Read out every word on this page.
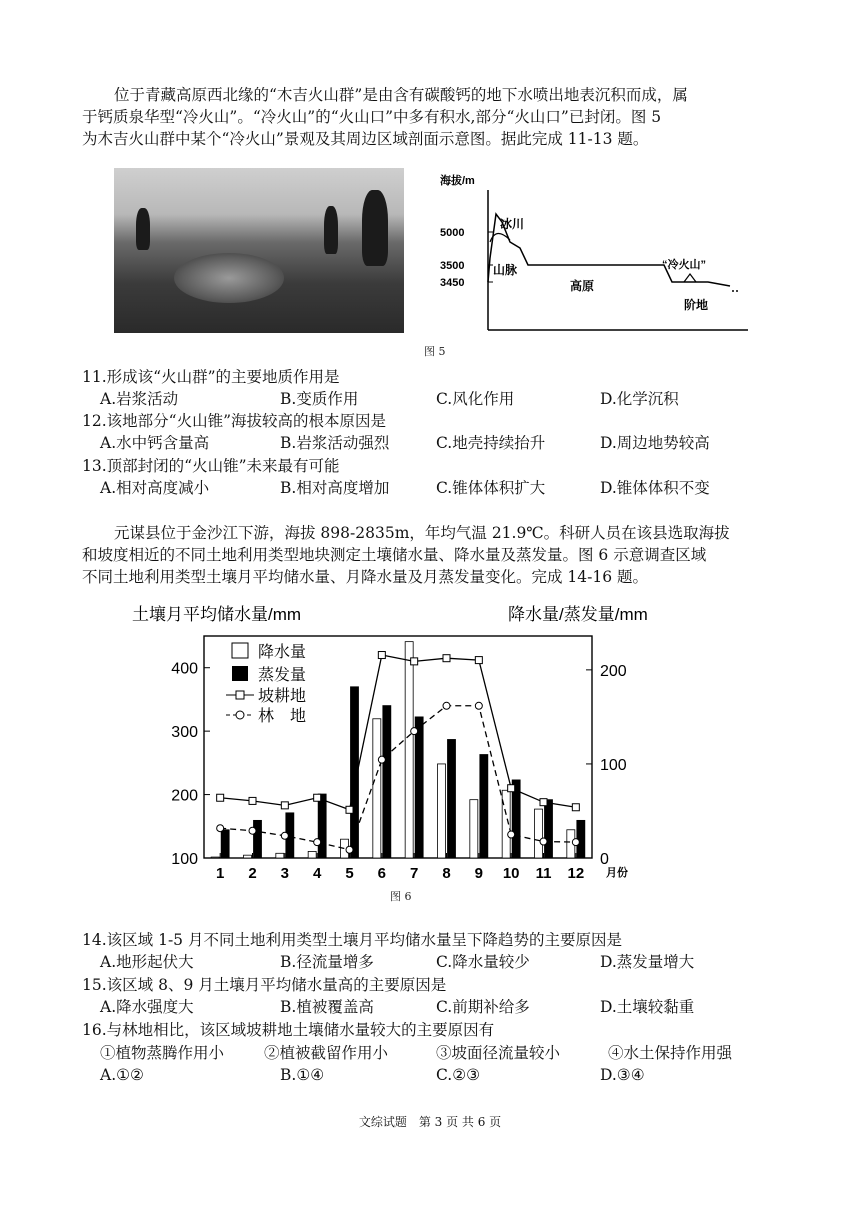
位于青藏高原西北缘的“木吉火山群”是由含有碳酸钙的地下水喷出地表沉积而成，属

于钙质泉华型“冷火山”。“冷火山”的“火山口”中多有积水,部分“火山口”已封闭。图 5

为木吉火山群中某个“冷火山”景观及其周边区域剖面示意图。据此完成 11-13 题。

海拔/m
5000
3500
3450
冰川
山脉
高原
“冷火山”
阶地
图 5
11.形成该“火山群”的主要地质作用是
A.岩浆活动	B.变质作用	C.风化作用	D.化学沉积
12.该地部分“火山锥”海拔较高的根本原因是
A.水中钙含量高	B.岩浆活动强烈	C.地壳持续抬升	D.周边地势较高
13.顶部封闭的“火山锥”未来最有可能
A.相对高度减小	B.相对高度增加	C.锥体体积扩大	D.锥体体积不变

元谋县位于金沙江下游，海拔 898-2835m，年均气温 21.9℃。科研人员在该县选取海拔

和坡度相近的不同土地利用类型地块测定土壤储水量、降水量及蒸发量。图 6 示意调查区域

不同土地利用类型土壤月平均储水量、月降水量及月蒸发量变化。完成 14-16 题。

土壤月平均储水量/mm	降水量/蒸发量/mm
100
200
300
400
0
100
200
1 2 3 4 5 6 7 8 9 10 11 12
降水量
蒸发量
坡耕地
林　地
月份
图 6
14.该区域 1-5 月不同土地利用类型土壤月平均储水量呈下降趋势的主要原因是
A.地形起伏大	B.径流量增多	C.降水量较少	D.蒸发量增大
15.该区域 8、9 月土壤月平均储水量高的主要原因是
A.降水强度大	B.植被覆盖高	C.前期补给多	D.土壤较黏重
16.与林地相比，该区域坡耕地土壤储水量较大的主要原因有
①植物蒸腾作用小	②植被截留作用小	③坡面径流量较小	④水土保持作用强
A.①②	B.①④	C.②③	D.③④
文综试题　第 3 页 共 6 页
